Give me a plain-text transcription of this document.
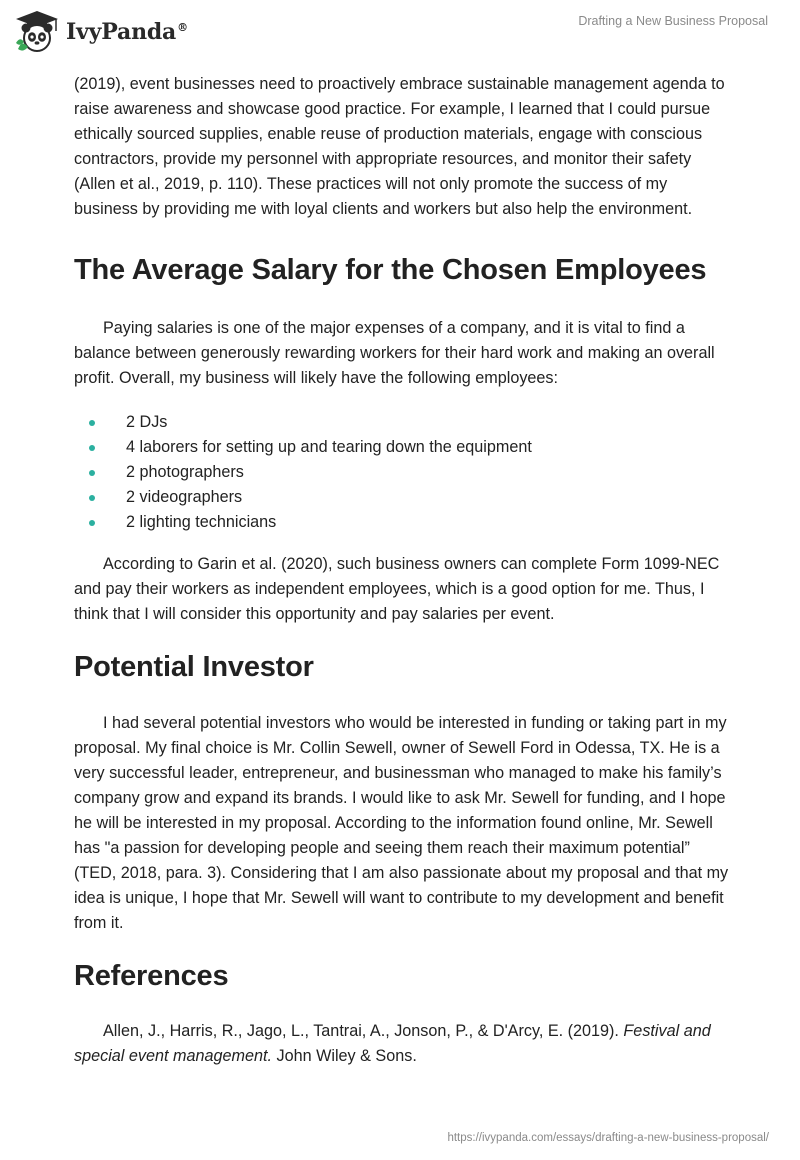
IvyPanda®	Drafting a New Business Proposal

(2019), event businesses need to proactively embrace sustainable management agenda to raise awareness and showcase good practice. For example, I learned that I could pursue ethically sourced supplies, enable reuse of production materials, engage with conscious contractors, provide my personnel with appropriate resources, and monitor their safety (Allen et al., 2019, p. 110). These practices will not only promote the success of my business by providing me with loyal clients and workers but also help the environment.

The Average Salary for the Chosen Employees

Paying salaries is one of the major expenses of a company, and it is vital to find a balance between generously rewarding workers for their hard work and making an overall profit. Overall, my business will likely have the following employees:

2 DJs
4 laborers for setting up and tearing down the equipment
2 photographers
2 videographers
2 lighting technicians

According to Garin et al. (2020), such business owners can complete Form 1099-NEC and pay their workers as independent employees, which is a good option for me. Thus, I think that I will consider this opportunity and pay salaries per event.

Potential Investor

I had several potential investors who would be interested in funding or taking part in my proposal. My final choice is Mr. Collin Sewell, owner of Sewell Ford in Odessa, TX. He is a very successful leader, entrepreneur, and businessman who managed to make his family’s company grow and expand its brands. I would like to ask Mr. Sewell for funding, and I hope he will be interested in my proposal. According to the information found online, Mr. Sewell has "a passion for developing people and seeing them reach their maximum potential” (TED, 2018, para. 3). Considering that I am also passionate about my proposal and that my idea is unique, I hope that Mr. Sewell will want to contribute to my development and benefit from it.

References

Allen, J., Harris, R., Jago, L., Tantrai, A., Jonson, P., & D'Arcy, E. (2019). Festival and special event management. John Wiley & Sons.

https://ivypanda.com/essays/drafting-a-new-business-proposal/
